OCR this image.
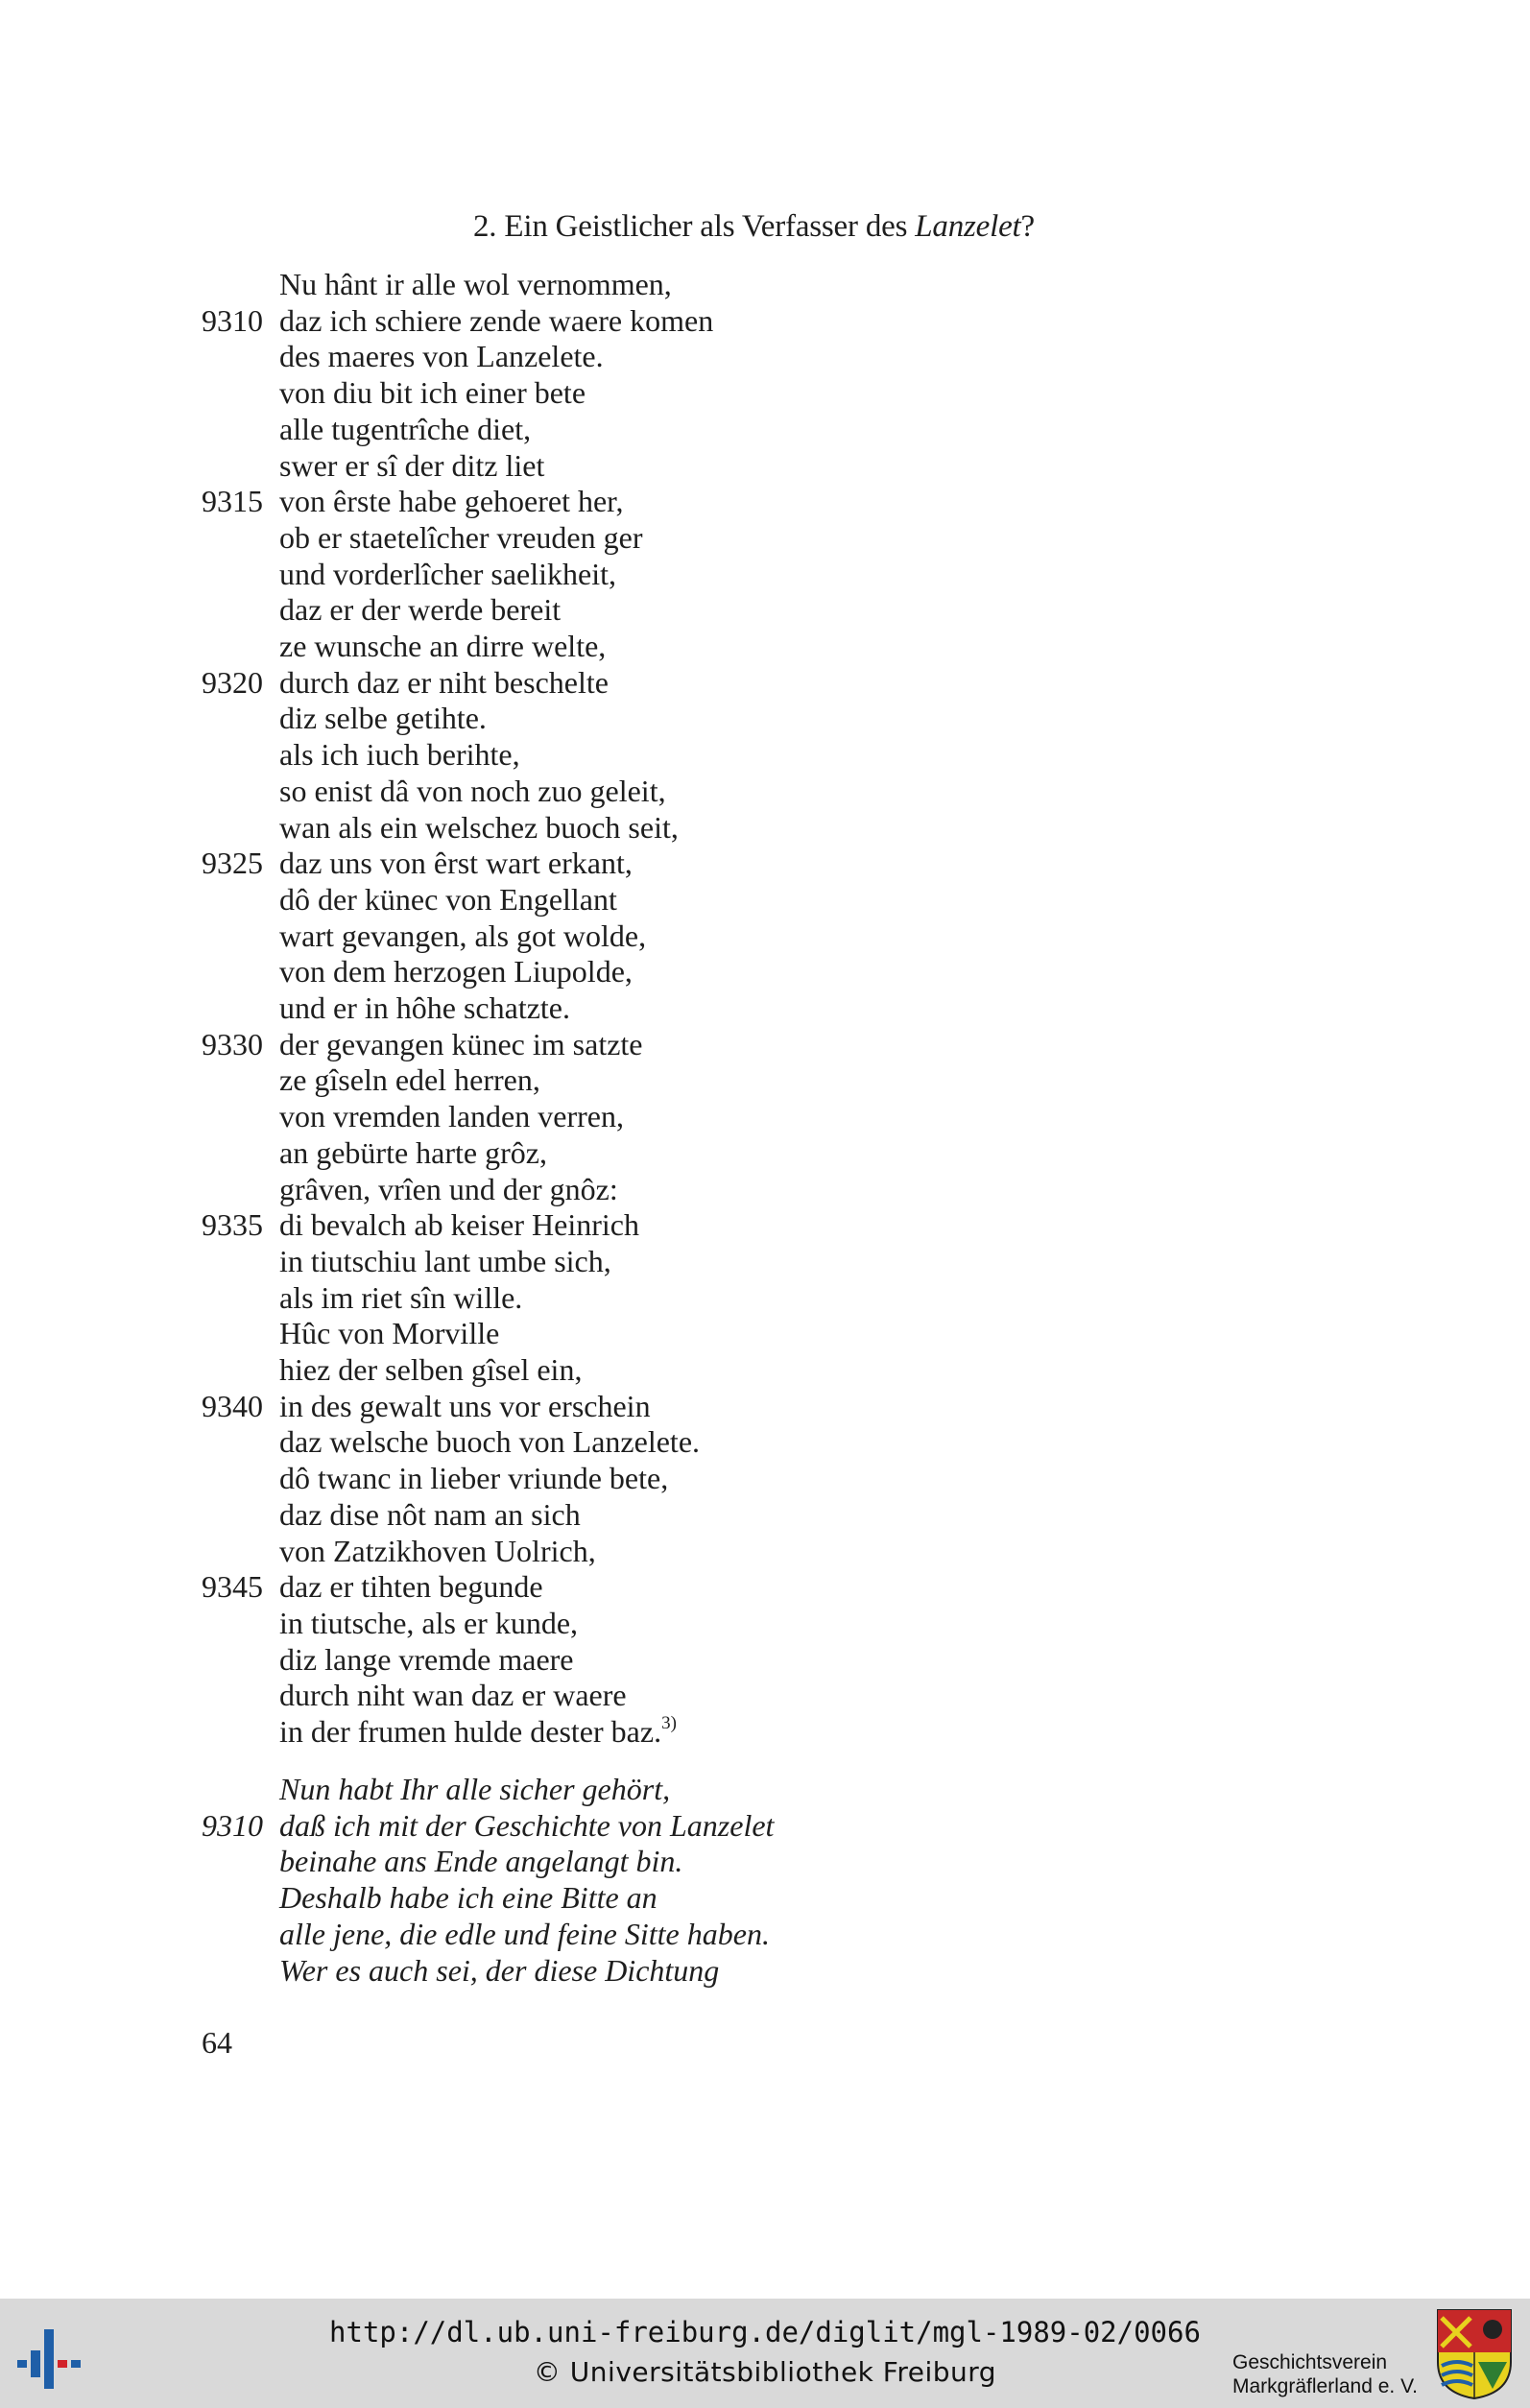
2. Ein Geistlicher als Verfasser des Lanzelet?
Nu hânt ir alle wol vernommen,
9310 daz ich schiere zende waere komen
des maeres von Lanzelete.
von diu bit ich einer bete
alle tugentrîche diet,
swer er sî der ditz liet
9315 von êrste habe gehoeret her,
ob er staetelîcher vreuden ger
und vorderlîcher saelikheit,
daz er der werde bereit
ze wunsche an dirre welte,
9320 durch daz er niht beschelte
diz selbe getihte.
als ich iuch berihte,
so enist dâ von noch zuo geleit,
wan als ein welschez buoch seit,
9325 daz uns von êrst wart erkant,
dô der künec von Engellant
wart gevangen, als got wolde,
von dem herzogen Liupolde,
und er in hôhe schatzte.
9330 der gevangen künec im satzte
ze gîseln edel herren,
von vremden landen verren,
an gebürte harte grôz,
grâven, vrîen und der gnôz:
9335 di bevalch ab keiser Heinrich
in tiutschiu lant umbe sich,
als im riet sîn wille.
Hûc von Morville
hiez der selben gîsel ein,
9340 in des gewalt uns vor erschein
daz welsche buoch von Lanzelete.
dô twanc in lieber vriunde bete,
daz dise nôt nam an sich
von Zatzikhoven Uolrich,
9345 daz er tihten begunde
in tiutsche, als er kunde,
diz lange vremde maere
durch niht wan daz er waere
in der frumen hulde dester baz.$^{3)}$
Nun habt Ihr alle sicher gehört,
9310 daß ich mit der Geschichte von Lanzelet
beinahe ans Ende angelangt bin.
Deshalb habe ich eine Bitte an
alle jene, die edle und feine Sitte haben.
Wer es auch sei, der diese Dichtung
64
http://dl.ub.uni-freiburg.de/diglit/mgl-1989-02/0066
© Universitätsbibliothek Freiburg	Geschichtsverein
Markgräflerland e. V.
